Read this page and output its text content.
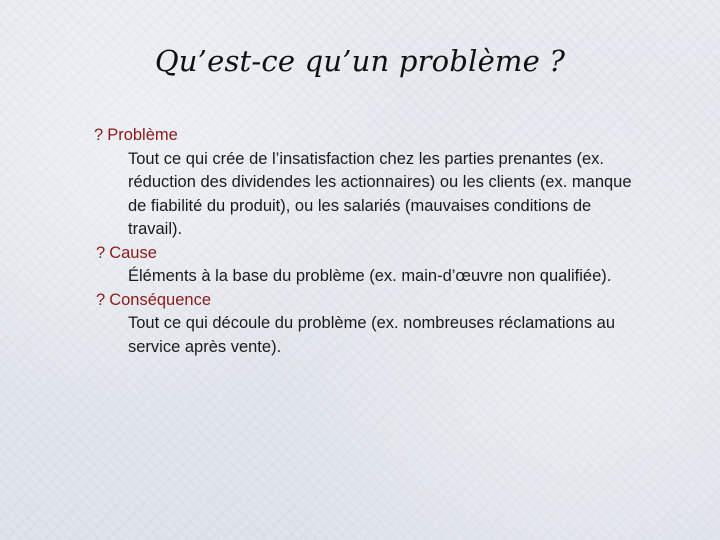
Qu’est-ce qu’un problème ?
? Problème
Tout ce qui crée de l’insatisfaction chez les parties prenantes (ex. réduction des dividendes les actionnaires) ou les clients (ex. manque de fiabilité du produit), ou les salariés (mauvaises conditions de travail).
? Cause
Éléments à la base du problème (ex. main-d’œuvre non qualifiée).
? Conséquence
Tout ce qui découle du problème (ex. nombreuses réclamations au service après vente).
